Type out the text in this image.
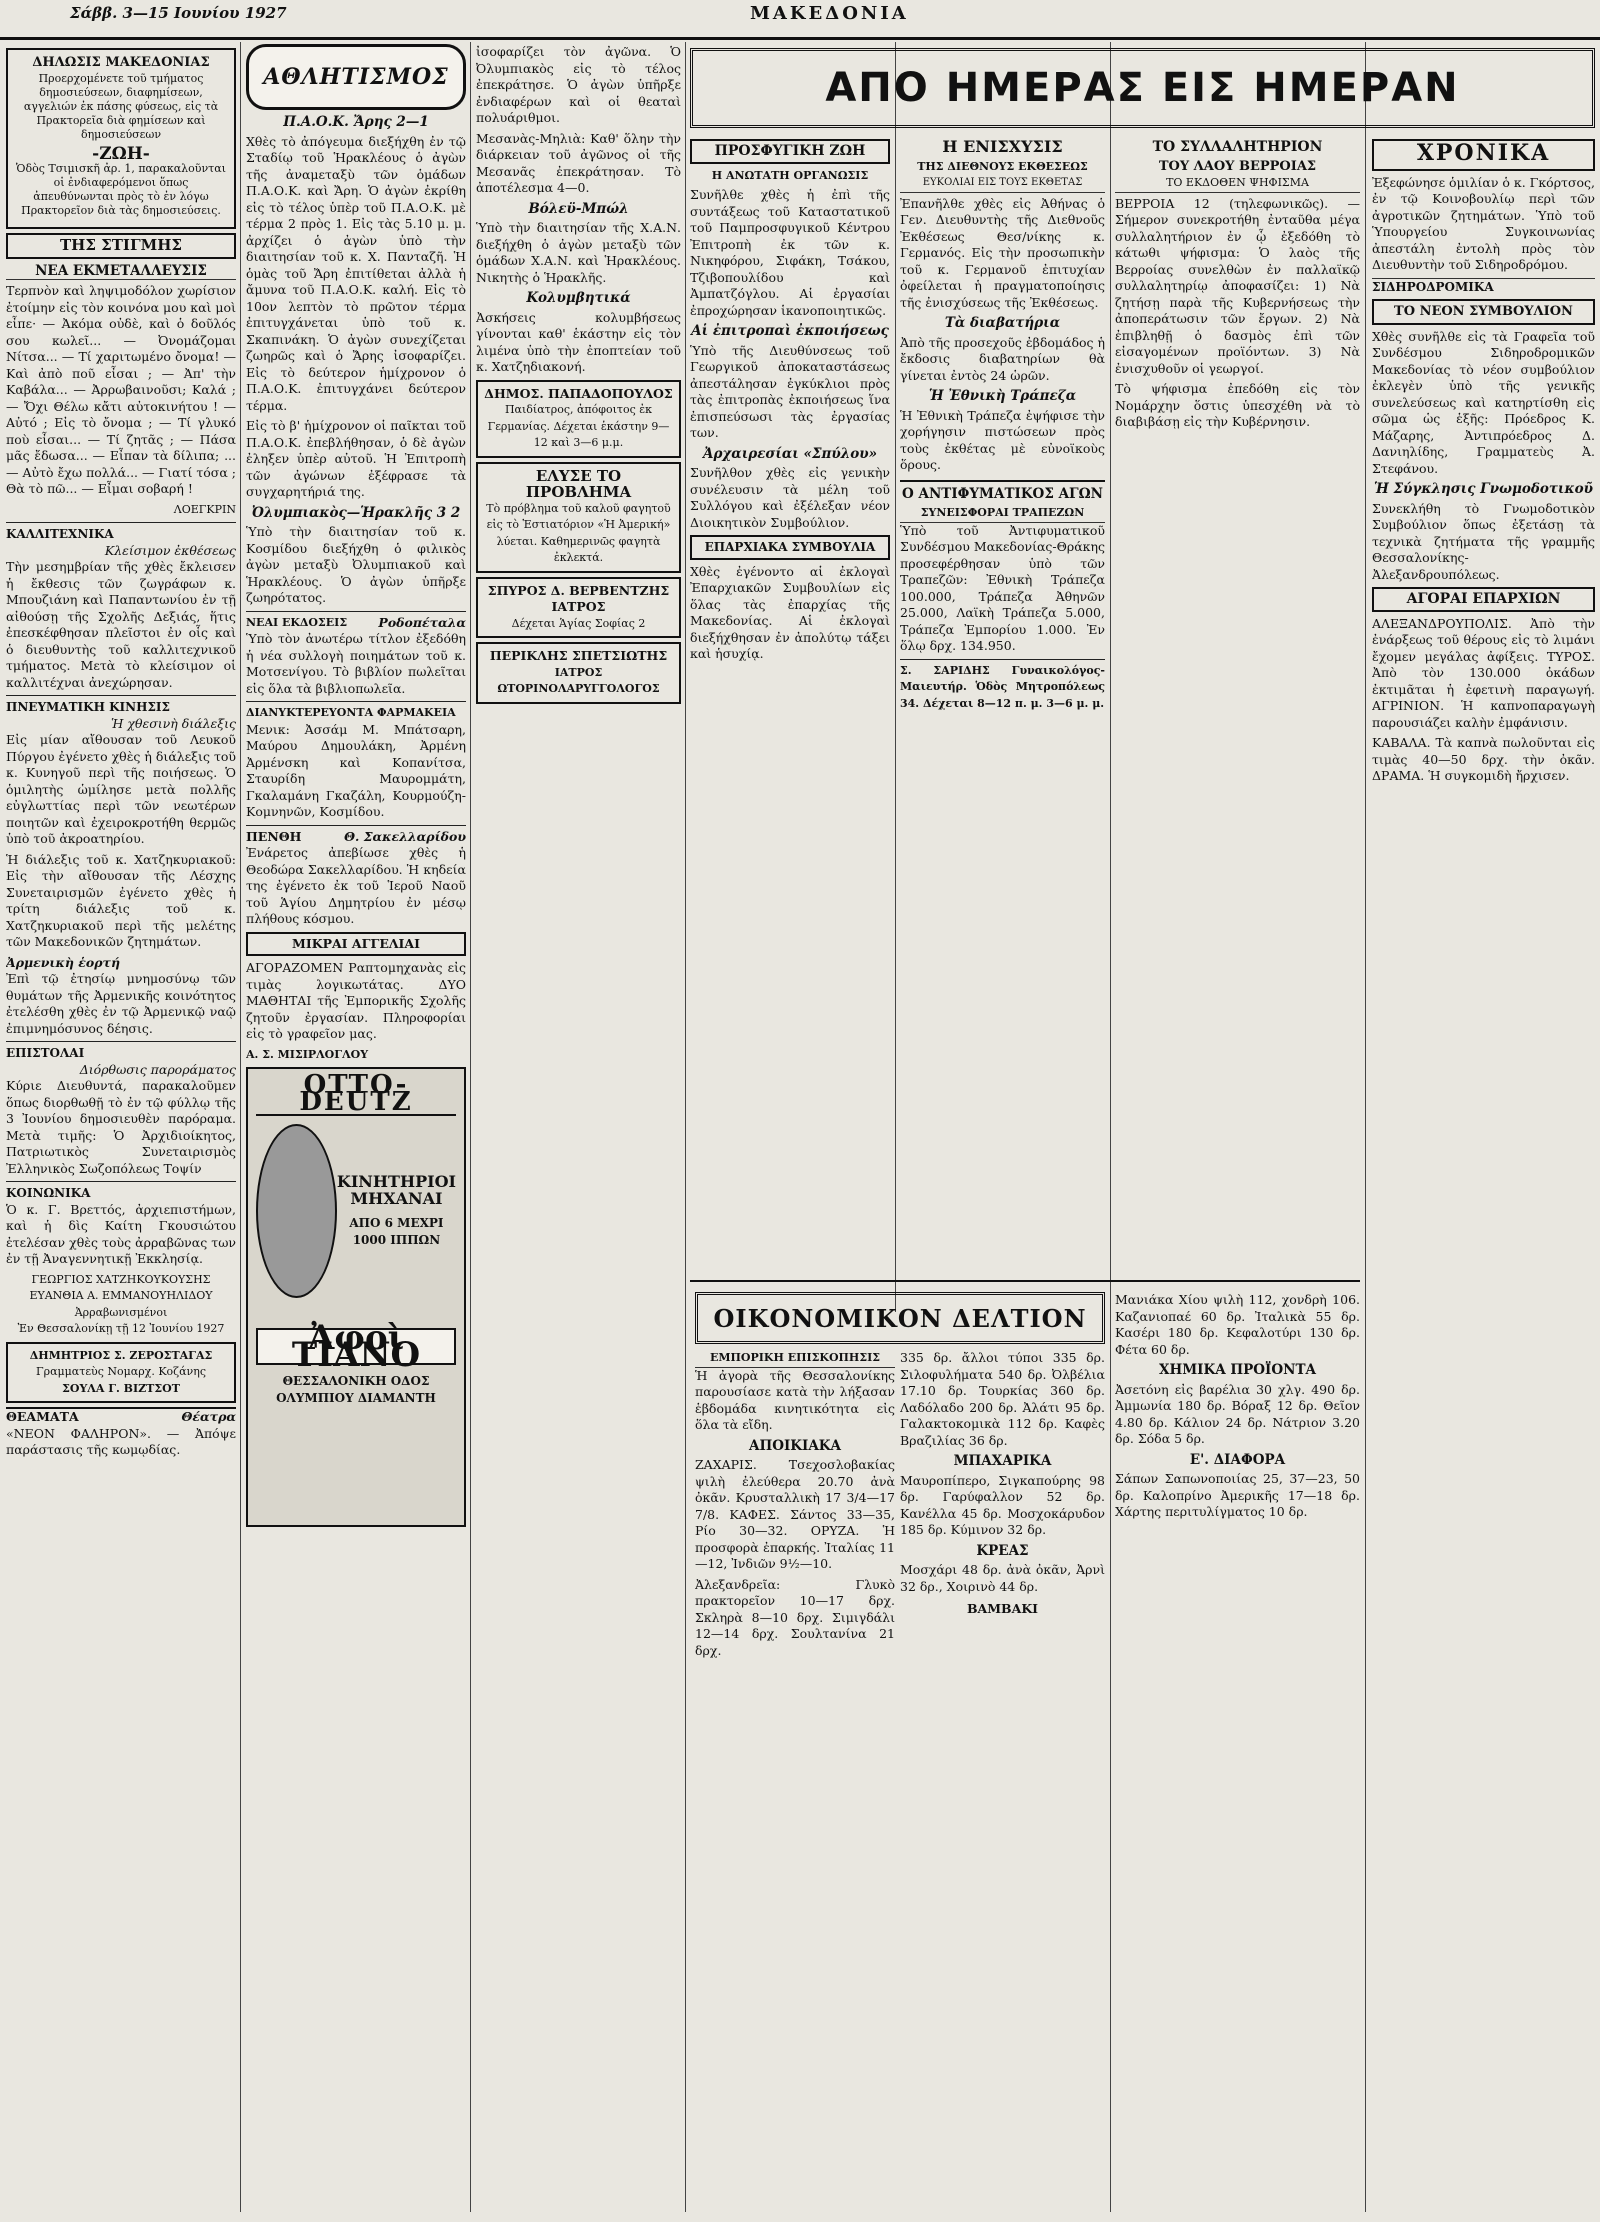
Σάββ. 3—15 Ιουνίου 1927	ΜΑΚΕΔΟΝΙΑ
ΔΗΛΩΣΙΣ ΜΑΚΕΔΟΝΙΑΣ

Προερχομένετε τοῦ τμήματος δημοσιεύσεων, διαφημίσεων, αγγελιών ἐκ πάσης φύσεως, εἰς τὰ Πρακτορεῖα διὰ φημίσεων καὶ δημοσιεύσεων

-ΖΩΗ-

Ὁδὸς Τσιμισκῆ ἀρ. 1, παρακαλοῦνται οἱ ἐνδιαφερόμενοι ὅπως ἀπευθύνωνται πρὸς τὸ ἐν λόγω Πρακτορεῖον διὰ τὰς δημοσιεύσεις.

ΤΗΣ ΣΤΙΓΜΗΣ
ΝΕΑ ΕΚΜΕΤΑΛΛΕΥΣΙΣ

Τερπνὸν καὶ ληψιμοδόλον χωρίσιον ἐτοίμην εἰς τὸν κοινόνα μου καὶ μοὶ εἶπε· — Ἀκόμα οὐδὲ, καὶ ὁ δοῦλός σου κωλεῖ... — Ὀνομάζομαι Νίτσα... — Τί χαριτωμένο ὄνομα! — Καὶ ἀπὸ ποῦ εἶσαι ; — Ἀπ' τὴν Καβάλα... — Ἀρρωβαινοῦσι; Καλά ; — Ὄχι Θέλω κἄτι αὐτοκινήτου ! — Αὐτό ; Εἰς τὸ ὄνομα ; — Τί γλυκό ποὺ εἶσαι... — Τί ζητᾶς ; — Πάσα μᾶς ἔδωσα... — Εἶπαν τὰ δίλιπα; ... — Αὐτὸ ἔχω πολλά... — Γιατί τόσα ; Θὰ τὸ πῶ... — Εἶμαι σοβαρή !

ΛΟΕΓΚΡΙΝ

ΚΑΛΛΙΤΕΧΝΙΚΑ
Κλείσιμον ἐκθέσεως

Τὴν μεσημβρίαν τῆς χθὲς ἔκλεισεν ἡ ἔκθεσις τῶν ζωγράφων κ. Μπουζιάνη καὶ Παπαντωνίου ἐν τῇ αἰθούσῃ τῆς Σχολῆς Δεξιάς, ἥτις ἐπεσκέφθησαν πλεῖστοι ἐν οἷς καὶ ὁ διευθυντὴς τοῦ καλλιτεχνικοῦ τμήματος. Μετὰ τὸ κλείσιμον οἱ καλλιτέχναι ἀνεχώρησαν.

ΠΝΕΥΜΑΤΙΚΗ ΚΙΝΗΣΙΣ
Ἡ χθεσινὴ διάλεξις

Εἰς μίαν αἴθουσαν τοῦ Λευκοῦ Πύργου ἐγένετο χθὲς ἡ διάλεξις τοῦ κ. Κυνηγοῦ περὶ τῆς ποιήσεως. Ὁ ὁμιλητὴς ὡμίλησε μετὰ πολλῆς εὐγλωττίας περὶ τῶν νεωτέρων ποιητῶν καὶ ἐχειροκροτήθη θερμῶς ὑπὸ τοῦ ἀκροατηρίου.

Ἡ διάλεξις τοῦ κ. Χατζηκυριακοῦ: Εἰς τὴν αἴθουσαν τῆς Λέσχης Συνεταιρισμῶν ἐγένετο χθὲς ἡ τρίτη διάλεξις τοῦ κ. Χατζηκυριακοῦ περὶ τῆς μελέτης τῶν Μακεδονικῶν ζητημάτων.

Ἀρμενικὴ ἑορτή

Ἐπὶ τῷ ἐτησίῳ μνημοσύνῳ τῶν θυμάτων τῆς Ἀρμενικῆς κοινότητος ἐτελέσθη χθὲς ἐν τῷ Ἀρμενικῷ ναῷ ἐπιμνημόσυνος δέησις.

ΕΠΙΣΤΟΛΑΙ
Διόρθωσις παροράματος

Κύριε Διευθυντά, παρακαλοῦμεν ὅπως διορθωθῇ τὸ ἐν τῷ φύλλῳ τῆς 3 Ἰουνίου δημοσιευθὲν παρόραμα. Μετὰ τιμῆς: Ὁ Ἀρχιδιοίκητος, Πατριωτικὸς Συνεταιρισμὸς Ἐλληνικὸς Σωζοπόλεως Τοψίν

ΚΟΙΝΩΝΙΚΑ

Ὁ κ. Γ. Βρεττός, ἀρχιεπιστήμων, καὶ ἡ δὶς Καίτη Γκουσιώτου ἐτελέσαν χθὲς τοὺς ἀρραβῶνας των ἐν τῇ Ἀναγεννητικῇ Ἐκκλησίᾳ.

ΓΕΩΡΓΙΟΣ ΧΑΤΖΗΚΟΥΚΟΥΣΗΣ
ΕΥΑΝΘΙΑ Α. ΕΜΜΑΝΟΥΗΛΙΔΟΥ
Ἀρραβωνισμένοι
Ἐν Θεσσαλονίκῃ τῇ 12 Ἰουνίου 1927
ΔΗΜΗΤΡΙΟΣ Σ. ΖΕΡΟΣΤΑΓΑΣ
Γραμματεὺς Νομαρχ. Κοζάνης
ΣΟΥΛΑ Γ. ΒΙΖΤΣΟΤ
ΘΕΑΜΑΤΑ	Θέατρα

«ΝΕΟΝ ΦΑΛΗΡΟΝ». — Ἀπόψε παράστασις τῆς κωμῳδίας.

ΑΘΛΗΤΙΣΜΟΣ
Π.Α.Ο.Κ. Ἄρης 2—1

Χθὲς τὸ ἀπόγευμα διεξήχθη ἐν τῷ Σταδίῳ τοῦ Ἡρακλέους ὁ ἀγὼν τῆς ἀναμεταξὺ τῶν ὁμάδων Π.Α.Ο.Κ. καὶ Ἄρη. Ὁ ἀγὼν ἐκρίθη εἰς τὸ τέλος ὑπὲρ τοῦ Π.Α.Ο.Κ. μὲ τέρμα 2 πρὸς 1. Εἰς τὰς 5.10 μ. μ. ἀρχίζει ὁ ἀγὼν ὑπὸ τὴν διαιτησίαν τοῦ κ. Χ. Πανταζῆ. Ἡ ὁμὰς τοῦ Ἄρη ἐπιτίθεται ἀλλὰ ἡ ἄμυνα τοῦ Π.Α.Ο.Κ. καλή. Εἰς τὸ 10ον λεπτὸν τὸ πρῶτον τέρμα ἐπιτυγχάνεται ὑπὸ τοῦ κ. Σκαπινάκη. Ὁ ἀγὼν συνεχίζεται ζωηρῶς καὶ ὁ Ἄρης ἰσοφαρίζει. Εἰς τὸ δεύτερον ἡμίχρονον ὁ Π.Α.Ο.Κ. ἐπιτυγχάνει δεύτερον τέρμα.

Εἰς τὸ β' ἡμίχρονον οἱ παῖκται τοῦ Π.Α.Ο.Κ. ἐπεβλήθησαν, ὁ δὲ ἀγὼν ἐληξεν ὑπὲρ αὐτοῦ. Ἡ Ἐπιτροπὴ τῶν ἀγώνων ἐξέφρασε τὰ συγχαρητήριά της.

Ὀλυμπιακὸς—Ἡρακλῆς 3 2

Ὑπὸ τὴν διαιτησίαν τοῦ κ. Κοσμίδου διεξήχθη ὁ φιλικὸς ἀγὼν μεταξὺ Ὀλυμπιακοῦ καὶ Ἡρακλέους. Ὁ ἀγὼν ὑπῆρξε ζωηρότατος.

ΝΕΑΙ ΕΚΔΟΣΕΙΣ	Ροδοπέταλα

Ὑπὸ τὸν ἀνωτέρω τίτλον ἐξεδόθη ἡ νέα συλλογὴ ποιημάτων τοῦ κ. Μοτσενίγου. Τὸ βιβλίον πωλεῖται εἰς ὅλα τὰ βιβλιοπωλεῖα.

ΔΙΑΝΥΚΤΕΡΕΥΟΝΤΑ ΦΑΡΜΑΚΕΙΑ

Μενικ: Ἀσσάμ Μ. Μπάτσαρη, Μαύρου Δημουλάκη, Ἀρμένη Ἀρμένσκη καὶ Κοπανίτσα, Σταυρίδη Μαυρομμάτη, Γκαλαμάνη Γκαζάλη, Κουρμούζη-Κομνηνῶν, Κοσμίδου.

ΠΕΝΘΗ	Θ. Σακελλαρίδου

Ἐνάρετος ἀπεβίωσε χθὲς ἡ Θεοδώρα Σακελλαρίδου. Ἡ κηδεία της ἐγένετο ἐκ τοῦ Ἱεροῦ Ναοῦ τοῦ Ἁγίου Δημητρίου ἐν μέσῳ πλήθους κόσμου.

ΜΙΚΡΑΙ ΑΓΓΕΛΙΑΙ

ΑΓΟΡΑΖΟΜΕΝ Ραπτομηχανὰς εἰς τιμὰς λογικωτάτας. ΔΥΟ ΜΑΘΗΤΑΙ τῆς Ἐμπορικῆς Σχολῆς ζητοῦν ἐργασίαν. Πληροφορίαι εἰς τὸ γραφεῖον μας.

Α. Σ. ΜΙΣΙΡΛΟΓΛΟΥ
OTTO-DEUTZ
ΚΙΝΗΤΗΡΙΟΙ ΜΗΧΑΝΑΙ
ΑΠΟ 6 ΜΕΧΡΙ 1000 ΙΠΠΩΝ
Ἀφοὶ ΤΙΑΝΟ
ΘΕΣΣΑΛΟΝΙΚΗ ΟΔΟΣ ΟΛΥΜΠΙΟΥ ΔΙΑΜΑΝΤΗ

ἰσοφαρίζει τὸν ἀγῶνα. Ὁ Ὀλυμπιακὸς εἰς τὸ τέλος ἐπεκράτησε. Ὁ ἀγὼν ὑπῆρξε ἐνδιαφέρων καὶ οἱ θεαταὶ πολυάριθμοι.

Μεσανὰς-Μηλιὰ: Καθ' ὅλην τὴν διάρκειαν τοῦ ἀγῶνος οἱ τῆς Μεσανᾶς ἐπεκράτησαν. Τὸ ἀποτέλεσμα 4—0.

Βόλεϋ-Μπώλ

Ὑπὸ τὴν διαιτησίαν τῆς Χ.Α.Ν. διεξήχθη ὁ ἀγὼν μεταξὺ τῶν ὁμάδων Χ.Α.Ν. καὶ Ἡρακλέους. Νικητὴς ὁ Ἡρακλῆς.

Κολυμβητικά

Ἀσκήσεις κολυμβήσεως γίνονται καθ' ἑκάστην εἰς τὸν λιμένα ὑπὸ τὴν ἐποπτείαν τοῦ κ. Χατζηδιακονή.

ΔΗΜΟΣ. ΠΑΠΑΔΟΠΟΥΛΟΣ
Παιδίατρος, ἀπόφοιτος ἐκ Γερμανίας. Δέχεται ἑκάστην 9—12 καὶ 3—6 μ.μ.
ΕΛΥΣΕ ΤΟ ΠΡΟΒΛΗΜΑ
Τὸ πρόβλημα τοῦ καλοῦ φαγητοῦ εἰς τὸ Ἑστιατόριον «Ἡ Ἀμερική» λύεται. Καθημερινῶς φαγητὰ ἐκλεκτά.
ΣΠΥΡΟΣ Δ. ΒΕΡΒΕΝΤΖΗΣ
ΙΑΤΡΟΣ
Δέχεται Ἁγίας Σοφίας 2
ΠΕΡΙΚΛΗΣ ΣΠΕΤΣΙΩΤΗΣ
ΙΑΤΡΟΣ ΩΤΟΡΙΝΟΛΑΡΥΓΓΟΛΟΓΟΣ
ΑΠΟ ΗΜΕΡΑΣ ΕΙΣ ΗΜΕΡΑΝ
ΠΡΟΣΦΥΓΙΚΗ ΖΩΗ
Η ΑΝΩΤΑΤΗ ΟΡΓΑΝΩΣΙΣ

Συνῆλθε χθὲς ἡ ἐπὶ τῆς συντάξεως τοῦ Καταστατικοῦ τοῦ Παμπροσφυγικοῦ Κέντρου Ἐπιτροπὴ ἐκ τῶν κ. Νικηφόρου, Σιφάκη, Τσάκου, Τζιβοπουλίδου καὶ Ἀμπατζόγλου. Αἱ ἐργασίαι ἐπροχώρησαν ἱκανοποιητικῶς.

Αἱ ἐπιτροπαὶ ἐκποιήσεως

Ὑπὸ τῆς Διευθύνσεως τοῦ Γεωργικοῦ ἀποκαταστάσεως ἀπεστάλησαν ἐγκύκλιοι πρὸς τὰς ἐπιτροπὰς ἐκποιήσεως ἵνα ἐπισπεύσωσι τὰς ἐργασίας των.

Ἀρχαιρεσίαι «Σπύλου»

Συνῆλθον χθὲς εἰς γενικὴν συνέλευσιν τὰ μέλη τοῦ Συλλόγου καὶ ἐξέλεξαν νέον Διοικητικὸν Συμβούλιον.

ΕΠΑΡΧΙΑΚΑ ΣΥΜΒΟΥΛΙΑ

Χθὲς ἐγένοντο αἱ ἐκλογαὶ Ἐπαρχιακῶν Συμβουλίων εἰς ὅλας τὰς ἐπαρχίας τῆς Μακεδονίας. Αἱ ἐκλογαὶ διεξήχθησαν ἐν ἀπολύτῳ τάξει καὶ ἡσυχίᾳ.

Η ΕΝΙΣΧΥΣΙΣ
ΤΗΣ ΔΙΕΘΝΟΥΣ ΕΚΘΕΣΕΩΣ
ΕΥΚΟΛΙΑΙ ΕΙΣ ΤΟΥΣ ΕΚΘΕΤΑΣ

Ἐπανῆλθε χθὲς εἰς Ἀθήνας ὁ Γεν. Διευθυντὴς τῆς Διεθνοῦς Ἐκθέσεως Θεσ/νίκης κ. Γερμανός. Εἰς τὴν προσωπικὴν τοῦ κ. Γερμανοῦ ἐπιτυχίαν ὀφείλεται ἡ πραγματοποίησις τῆς ἐνισχύσεως τῆς Ἐκθέσεως.

Τὰ διαβατήρια

Ἀπὸ τῆς προσεχοῦς ἐβδομάδος ἡ ἔκδοσις διαβατηρίων θὰ γίνεται ἐντὸς 24 ὡρῶν.

Ἡ Ἐθνικὴ Τράπεζα

Ἡ Ἐθνικὴ Τράπεζα ἐψήφισε τὴν χορήγησιν πιστώσεων πρὸς τοὺς ἐκθέτας μὲ εὐνοϊκοὺς ὅρους.

Ο ΑΝΤΙΦΥΜΑΤΙΚΟΣ ΑΓΩΝ
ΣΥΝΕΙΣΦΟΡΑΙ ΤΡΑΠΕΖΩΝ

Ὑπὸ τοῦ Ἀντιφυματικοῦ Συνδέσμου Μακεδονίας-Θράκης προσεφέρθησαν ὑπὸ τῶν Τραπεζῶν: Ἐθνικὴ Τράπεζα 100.000, Τράπεζα Ἀθηνῶν 25.000, Λαϊκὴ Τράπεζα 5.000, Τράπεζα Ἐμπορίου 1.000. Ἐν ὅλῳ δρχ. 134.950.

Σ. ΣΑΡΙΔΗΣ Γυναικολόγος-Μαιευτήρ. Ὁδὸς Μητροπόλεως 34. Δέχεται 8—12 π. μ. 3—6 μ. μ.

ΤΟ ΣΥΛΛΑΛΗΤΗΡΙΟΝ
ΤΟΥ ΛΑΟΥ ΒΕΡΡΟΙΑΣ
ΤΟ ΕΚΔΟΘΕΝ ΨΗΦΙΣΜΑ

ΒΕΡΡΟΙΑ 12 (τηλεφωνικῶς). — Σήμερον συνεκροτήθη ἐνταῦθα μέγα συλλαλητήριον ἐν ᾧ ἐξεδόθη τὸ κάτωθι ψήφισμα: Ὁ λαὸς τῆς Βερροίας συνελθὼν ἐν παλλαϊκῷ συλλαλητηρίῳ ἀποφασίζει: 1) Νὰ ζητήσῃ παρὰ τῆς Κυβερνήσεως τὴν ἀποπεράτωσιν τῶν ἔργων. 2) Νὰ ἐπιβληθῇ ὁ δασμὸς ἐπὶ τῶν εἰσαγομένων προϊόντων. 3) Νὰ ἐνισχυθοῦν οἱ γεωργοί.

Τὸ ψήφισμα ἐπεδόθη εἰς τὸν Νομάρχην ὅστις ὑπεσχέθη νὰ τὸ διαβιβάσῃ εἰς τὴν Κυβέρνησιν.

ΧΡΟΝΙΚΑ

Ἐξεφώνησε ὁμιλίαν ὁ κ. Γκόρτσος, ἐν τῷ Κοινοβουλίῳ περὶ τῶν ἀγροτικῶν ζητημάτων. Ὑπὸ τοῦ Ὑπουργείου Συγκοινωνίας ἀπεστάλη ἐντολὴ πρὸς τὸν Διευθυντὴν τοῦ Σιδηροδρόμου.

ΣΙΔΗΡΟΔΡΟΜΙΚΑ
ΤΟ ΝΕΟΝ ΣΥΜΒΟΥΛΙΟΝ

Χθὲς συνῆλθε εἰς τὰ Γραφεῖα τοῦ Συνδέσμου Σιδηροδρομικῶν Μακεδονίας τὸ νέον συμβούλιον ἐκλεγὲν ὑπὸ τῆς γενικῆς συνελεύσεως καὶ κατηρτίσθη εἰς σῶμα ὡς ἑξῆς: Πρόεδρος Κ. Μάζαρης, Ἀντιπρόεδρος Δ. Δανιηλίδης, Γραμματεὺς Ἀ. Στεφάνου.

Ἡ Σύγκλησις Γνωμοδοτικοῦ

Συνεκλήθη τὸ Γνωμοδοτικὸν Συμβούλιον ὅπως ἐξετάσῃ τὰ τεχνικὰ ζητήματα τῆς γραμμῆς Θεσσαλονίκης-Ἀλεξανδρουπόλεως.

ΑΓΟΡΑΙ ΕΠΑΡΧΙΩΝ

ΑΛΕΞΑΝΔΡΟΥΠΟΛΙΣ. Ἀπὸ τὴν ἐνάρξεως τοῦ θέρους εἰς τὸ λιμάνι ἔχομεν μεγάλας ἀφίξεις. ΤΥΡΟΣ. Ἀπὸ τὸν 130.000 ὀκάδων ἐκτιμᾶται ἡ ἐφετινὴ παραγωγή. ΑΓΡΙΝΙΟΝ. Ἡ καπνοπαραγωγὴ παρουσιάζει καλὴν ἐμφάνισιν.

ΚΑΒΑΛΑ. Τὰ καπνὰ πωλοῦνται εἰς τιμὰς 40—50 δρχ. τὴν ὀκᾶν. ΔΡΑΜΑ. Ἡ συγκομιδὴ ἤρχισεν.

ΟΙΚΟΝΟΜΙΚΟΝ ΔΕΛΤΙΟΝ
ΕΜΠΟΡΙΚΗ ΕΠΙΣΚΟΠΗΣΙΣ

Ἡ ἀγορὰ τῆς Θεσσαλονίκης παρουσίασε κατὰ τὴν λήξασαν ἑβδομάδα κινητικότητα εἰς ὅλα τὰ εἴδη.

ΑΠΟΙΚΙΑΚΑ

ΖΑΧΑΡΙΣ. Τσεχοσλοβακίας ψιλὴ ἐλεύθερα 20.70 ἀνὰ ὀκᾶν. Κρυσταλλικὴ 17 3/4—17 7/8. ΚΑΦΕΣ. Σάντος 33—35, Ρίο 30—32. ΟΡΥΖΑ. Ἡ προσφορὰ ἐπαρκής. Ἰταλίας 11—12, Ἰνδιῶν 9½—10.

Ἀλεξανδρεῖα: Γλυκὸ πρακτορεῖον 10—17 δρχ. Σκληρὰ 8—10 δρχ. Σιμιγδάλι 12—14 δρχ. Σουλτανίνα 21 δρχ.

335 δρ. ἄλλοι τύποι 335 δρ. Σιλοφυλήματα 540 δρ. Ὀλβέλια 17.10 δρ. Τουρκίας 360 δρ. Λαδόλαδο 200 δρ. Ἀλάτι 95 δρ. Γαλακτοκομικὰ 112 δρ. Καφὲς Βραζιλίας 36 δρ.

ΜΠΑΧΑΡΙΚΑ

Μαυροπίπερο, Σιγκαπούρης 98 δρ. Γαρύφαλλον 52 δρ. Κανέλλα 45 δρ. Μοσχοκάρυδον 185 δρ. Κύμινον 32 δρ.

ΚΡΕΑΣ

Μοσχάρι 48 δρ. ἀνὰ ὀκᾶν, Ἀρνὶ 32 δρ., Χοιρινὸ 44 δρ.

ΒΑΜΒΑΚΙ

Μανιάκα Χίου ψιλὴ 112, χονδρὴ 106. Καζανιοπαέ 60 δρ. Ἰταλικὰ 55 δρ. Κασέρι 180 δρ. Κεφαλοτύρι 130 δρ. Φέτα 60 δρ.

ΧΗΜΙΚΑ ΠΡΟΪΟΝΤΑ

Ἀσετόνη εἰς βαρέλια 30 χλγ. 490 δρ. Ἀμμωνία 180 δρ. Βόραξ 12 δρ. Θεῖον 4.80 δρ. Κάλιον 24 δρ. Νάτριον 3.20 δρ. Σόδα 5 δρ.

Ε'. ΔΙΑΦΟΡΑ

Σάπων Σαπωνοποιίας 25, 37—23, 50 δρ. Καλοπρίνο Ἀμερικῆς 17—18 δρ. Χάρτης περιτυλίγματος 10 δρ.
